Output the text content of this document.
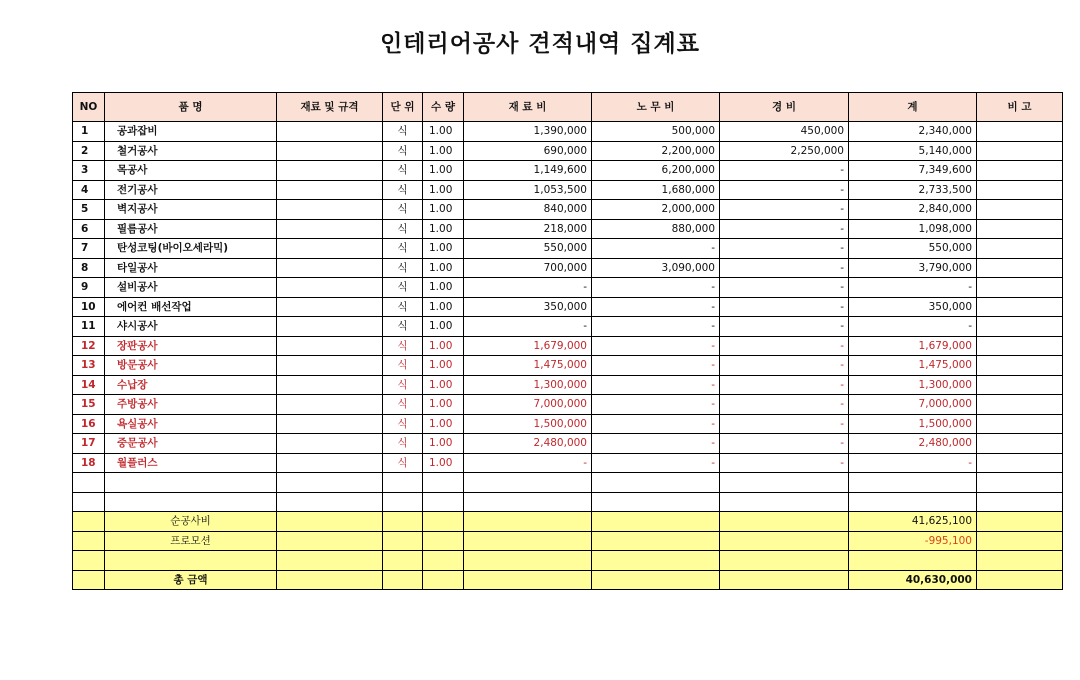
인테리어공사 견적내역 집계표
NO	품 명	재료 및 규격	단 위	수 량	재 료 비	노 무 비	경 비	계	비 고
1	공과잡비		식	1.00	1,390,000	500,000	450,000	2,340,000	
2	철거공사		식	1.00	690,000	2,200,000	2,250,000	5,140,000	
3	목공사		식	1.00	1,149,600	6,200,000	-	7,349,600	
4	전기공사		식	1.00	1,053,500	1,680,000	-	2,733,500	
5	벽지공사		식	1.00	840,000	2,000,000	-	2,840,000	
6	필름공사		식	1.00	218,000	880,000	-	1,098,000	
7	탄성코팅(바이오세라믹)		식	1.00	550,000	-	-	550,000	
8	타일공사		식	1.00	700,000	3,090,000	-	3,790,000	
9	설비공사		식	1.00	-	-	-	-	
10	에어컨 배선작업		식	1.00	350,000	-	-	350,000	
11	샤시공사		식	1.00	-	-	-	-	
12	장판공사		식	1.00	1,679,000	-	-	1,679,000	
13	방문공사		식	1.00	1,475,000	-	-	1,475,000	
14	수납장		식	1.00	1,300,000	-	-	1,300,000	
15	주방공사		식	1.00	7,000,000	-	-	7,000,000	
16	욕실공사		식	1.00	1,500,000	-	-	1,500,000	
17	중문공사		식	1.00	2,480,000	-	-	2,480,000	
18	월플러스		식	1.00	-	-	-	-	

	순공사비							41,625,100	
	프로모션							-995,100	

	총 금액							40,630,000	
